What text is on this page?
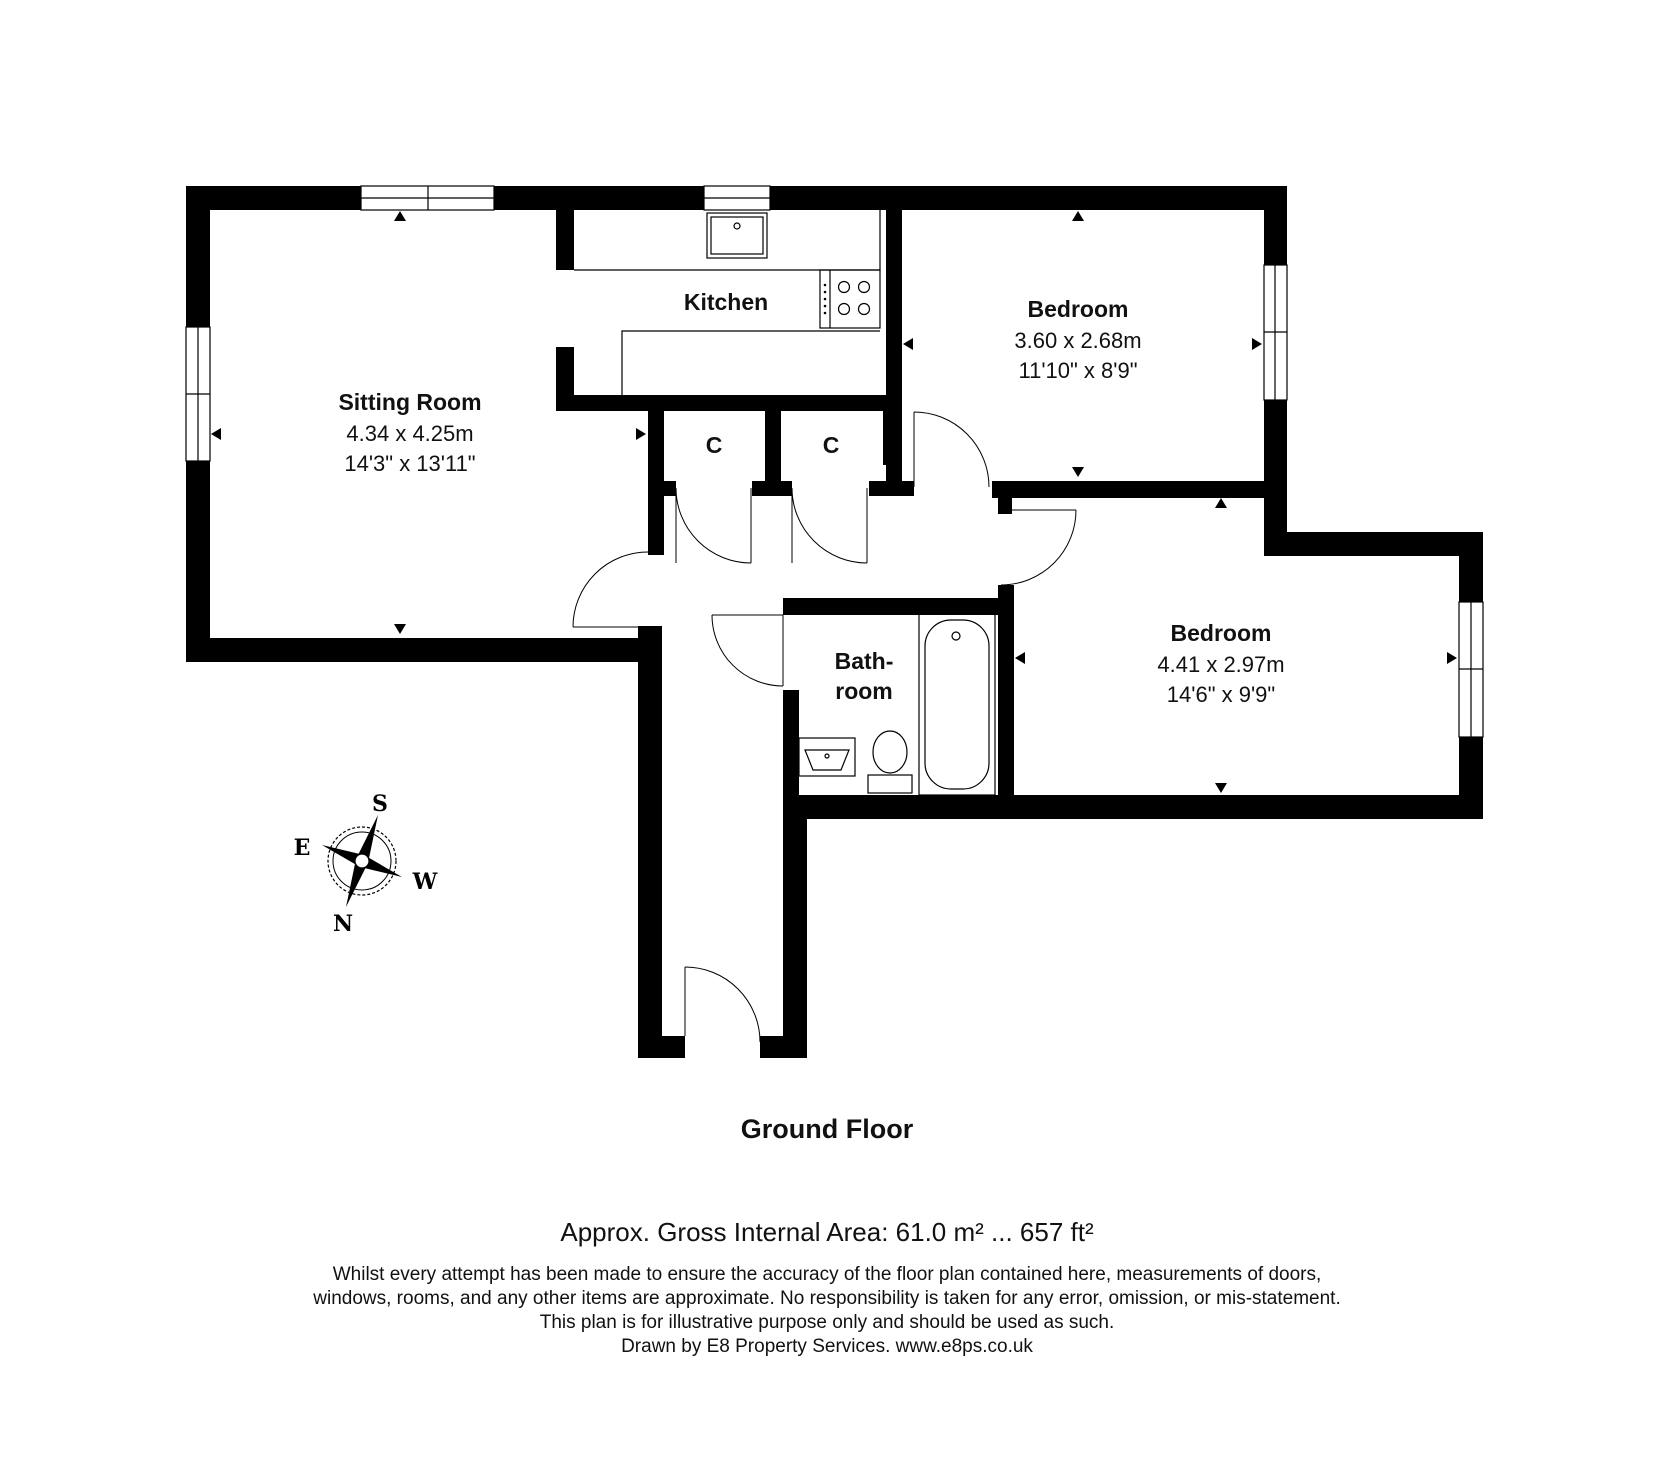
Sitting Room
4.34 x 4.25m
14'3" x 13'11"
Kitchen	Bedroom
3.60 x 2.68m
11'10" x 8'9"
Bedroom
4.41 x 2.97m
14'6" x 9'9"
Bath-
room
C	C
S
E
W
N
Ground Floor
Approx. Gross Internal Area: 61.0 m² ... 657 ft²
Whilst every attempt has been made to ensure the accuracy of the floor plan contained here, measurements of doors,
windows, rooms, and any other items are approximate. No responsibility is taken for any error, omission, or mis-statement.
This plan is for illustrative purpose only and should be used as such.
Drawn by E8 Property Services. www.e8ps.co.uk
